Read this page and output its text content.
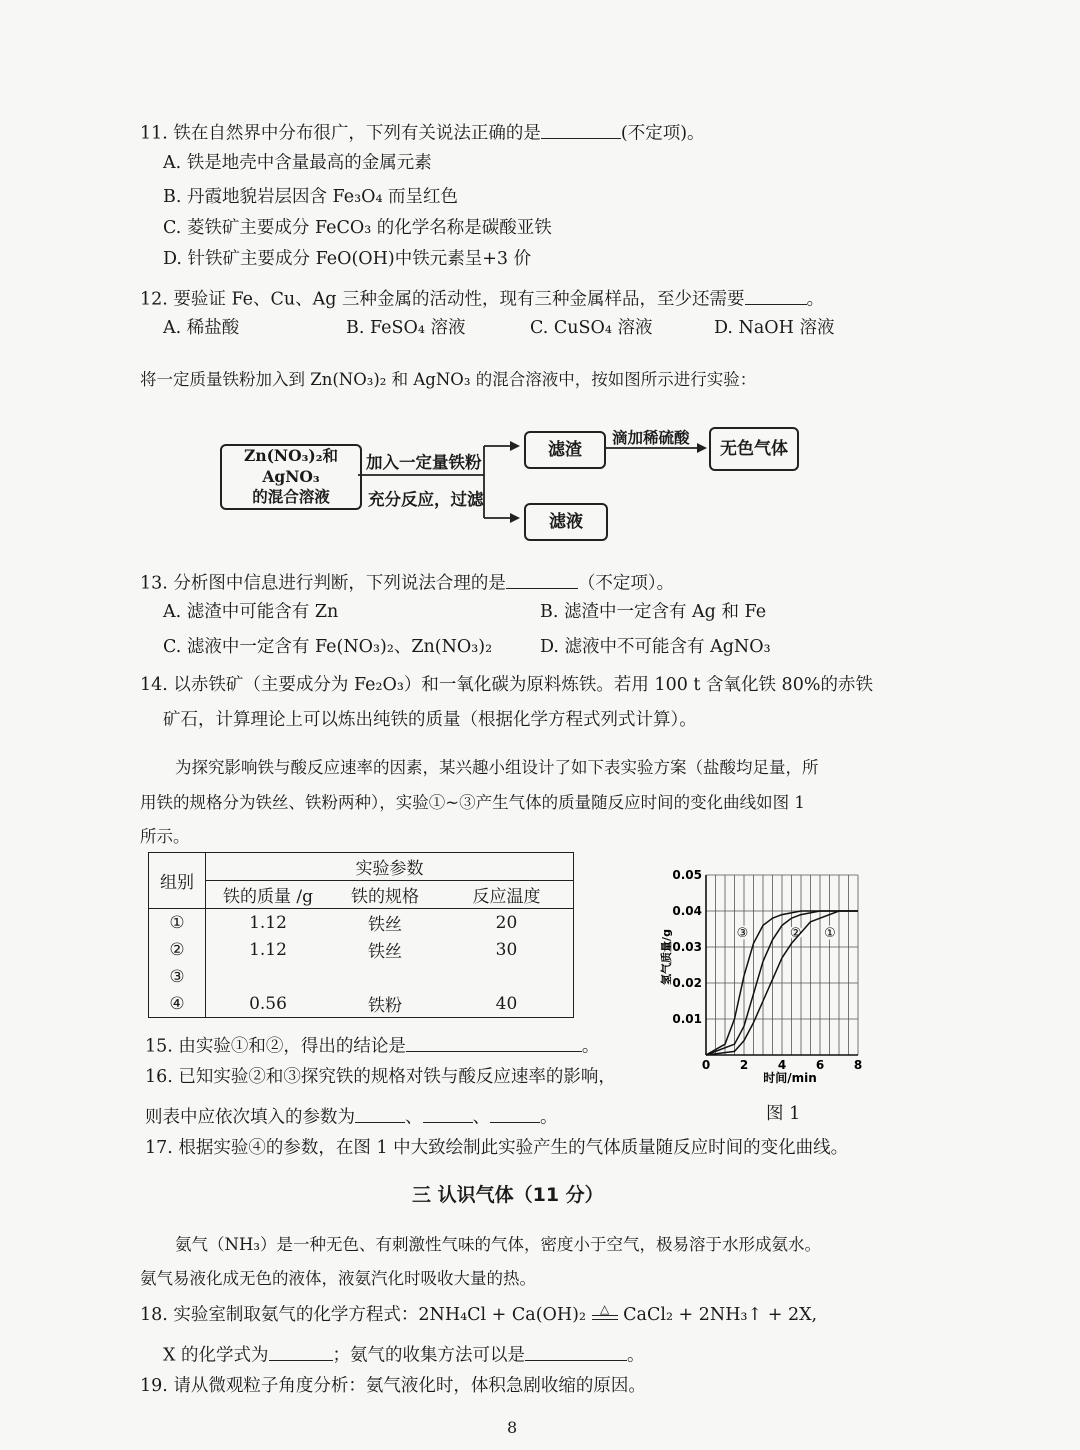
11. 铁在自然界中分布很广，下列有关说法正确的是	(不定项)。
A. 铁是地壳中含量最高的金属元素
B. 丹霞地貌岩层因含 Fe₃O₄ 而呈红色
C. 菱铁矿主要成分 FeCO₃ 的化学名称是碳酸亚铁
D. 针铁矿主要成分 FeO(OH)中铁元素呈+3 价
12. 要验证 Fe、Cu、Ag 三种金属的活动性，现有三种金属样品，至少还需要	。
A. 稀盐酸	B. FeSO₄ 溶液	C. CuSO₄ 溶液	D. NaOH 溶液
将一定质量铁粉加入到 Zn(NO₃)₂ 和 AgNO₃ 的混合溶液中，按如图所示进行实验：
Zn(NO₃)₂和AgNO₃
的混合溶液
加入一定量铁粉
充分反应，过滤
滤渣
滴加稀硫酸
无色气体
滤液
13. 分析图中信息进行判断，下列说法合理的是	（不定项）。
A. 滤渣中可能含有 Zn	B. 滤渣中一定含有 Ag 和 Fe
C. 滤液中一定含有 Fe(NO₃)₂、Zn(NO₃)₂	D. 滤液中不可能含有 AgNO₃
14. 以赤铁矿（主要成分为 Fe₂O₃）和一氧化碳为原料炼铁。若用 100 t 含氧化铁 80%的赤铁
矿石，计算理论上可以炼出纯铁的质量（根据化学方程式列式计算）。
为探究影响铁与酸反应速率的因素，某兴趣小组设计了如下表实验方案（盐酸均足量，所
用铁的规格分为铁丝、铁粉两种），实验①~③产生气体的质量随反应时间的变化曲线如图 1
所示。
组别	实验参数		
	铁的质量 /g	铁的规格	反应温度
①	1.12	铁丝	20
②	1.12	铁丝	30
③			
④	0.56	铁粉	40
0 2 4 6 8
0.01
0.02
0.03
0.04
0.05
时间/min
氢气质量/g	③	② ①
15. 由实验①和②，得出的结论是	。
16. 已知实验②和③探究铁的规格对铁与酸反应速率的影响，
则表中应依次填入的参数为	、	、	。	图 1
17. 根据实验④的参数，在图 1 中大致绘制此实验产生的气体质量随反应时间的变化曲线。
三 认识气体（11 分）
氨气（NH₃）是一种无色、有刺激性气味的气体，密度小于空气，极易溶于水形成氨水。
氨气易液化成无色的液体，液氨汽化时吸收大量的热。
18. 实验室制取氨气的化学方程式：2NH₄Cl + Ca(OH)₂	△ CaCl₂ + 2NH₃↑ + 2X,
X 的化学式为	；氨气的收集方法可以是	。
19. 请从微观粒子角度分析：氨气液化时，体积急剧收缩的原因。
8
